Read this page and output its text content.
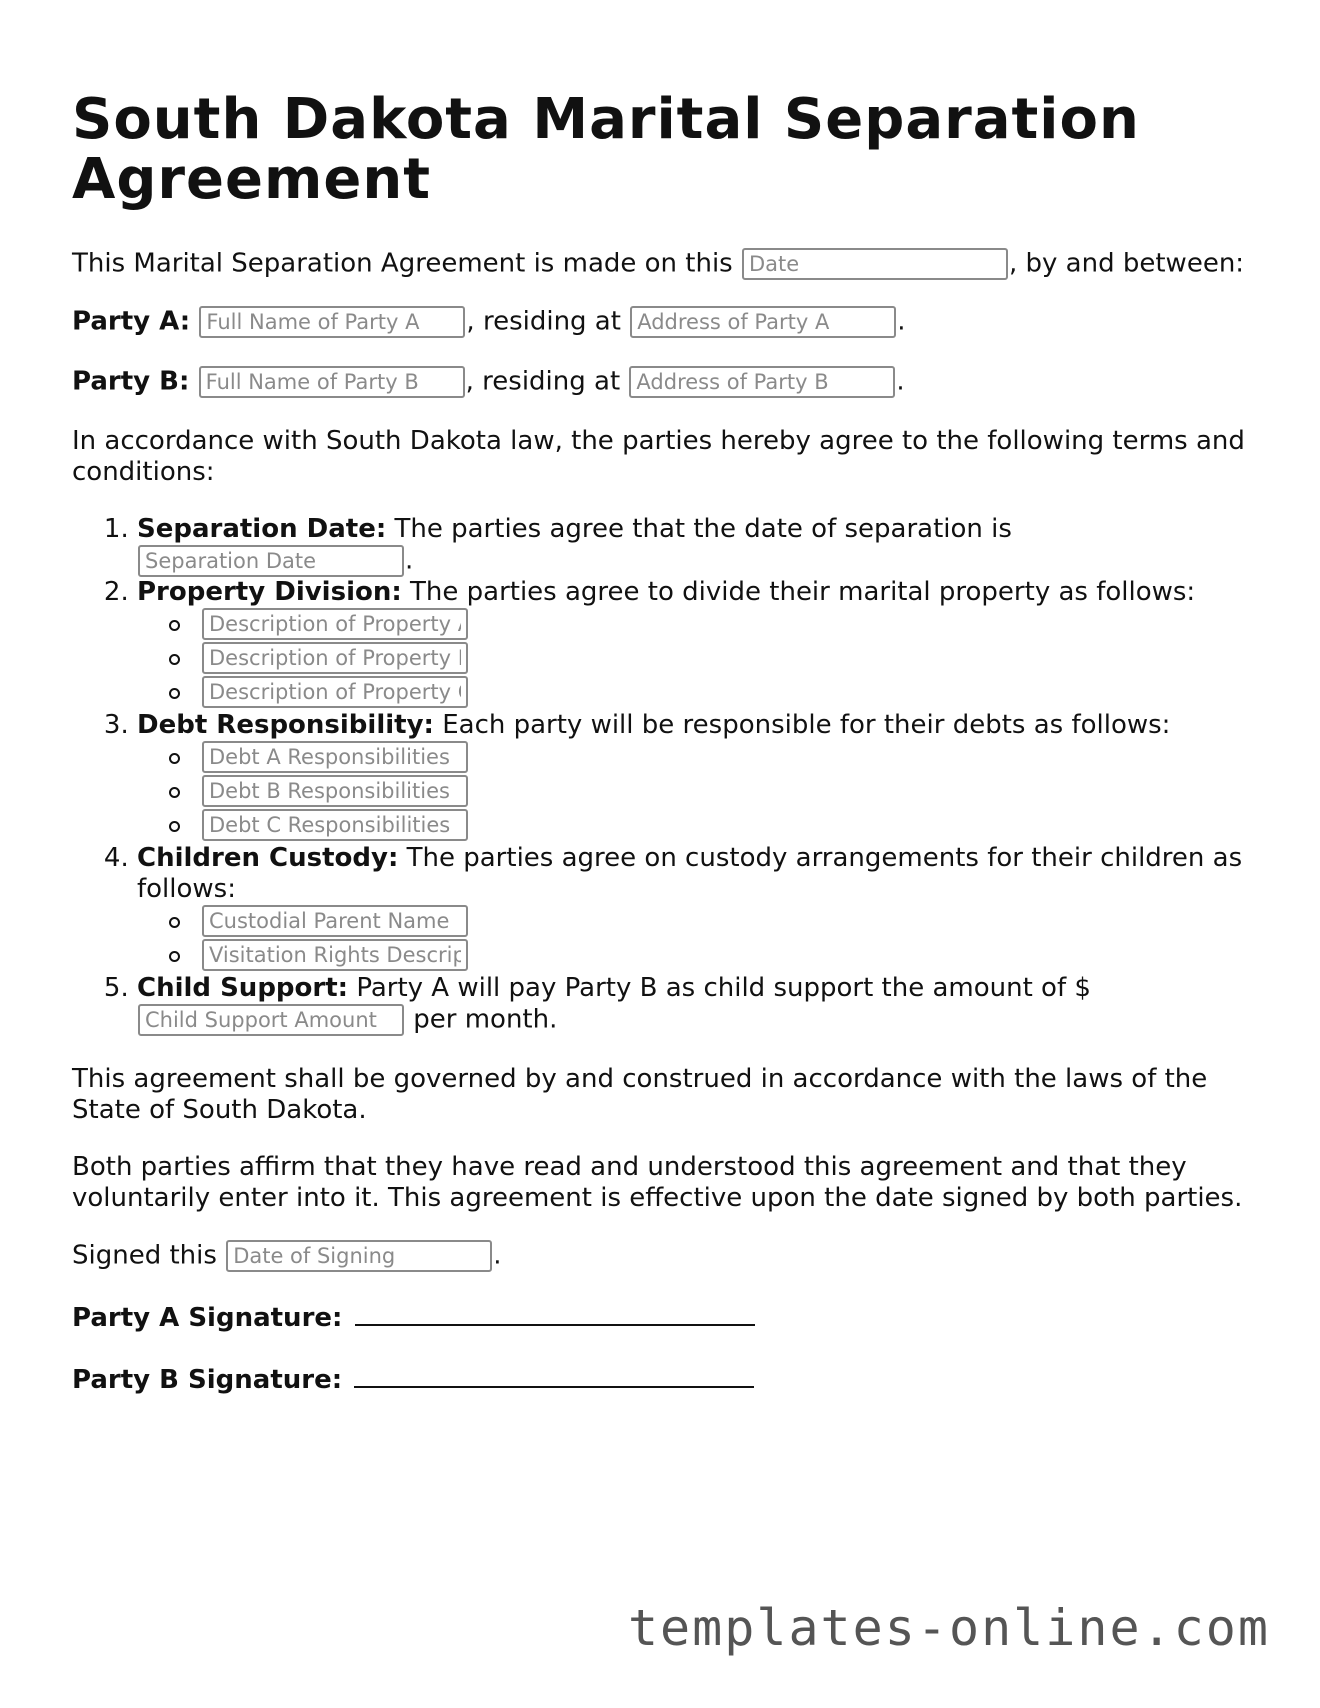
South Dakota Marital Separation Agreement

This Marital Separation Agreement is made on this Date	, by and between:

Party A: Full Name of Party A	, residing at Address of Party A	.

Party B: Full Name of Party B	, residing at Address of Party B	.

In accordance with South Dakota law, the parties hereby agree to the following terms and conditions:

1. Separation Date: The parties agree that the date of separation is
Separation Date.
2. Property Division: The parties agree to divide their marital property as follows:
Description of Property A
Description of Property B
Description of Property C
3. Debt Responsibility: Each party will be responsible for their debts as follows:
Debt A Responsibilities
Debt B Responsibilities
Debt C Responsibilities
4. Children Custody: The parties agree on custody arrangements for their children as follows:
Custodial Parent Name
Visitation Rights Description
5. Child Support: Party A will pay Party B as child support the amount of $
Child Support Amount per month.

This agreement shall be governed by and construed in accordance with the laws of the State of South Dakota.

Both parties affirm that they have read and understood this agreement and that they voluntarily enter into it. This agreement is effective upon the date signed by both parties.

Signed this Date of Signing	.

Party A Signature:

Party B Signature:

templates-online.com
